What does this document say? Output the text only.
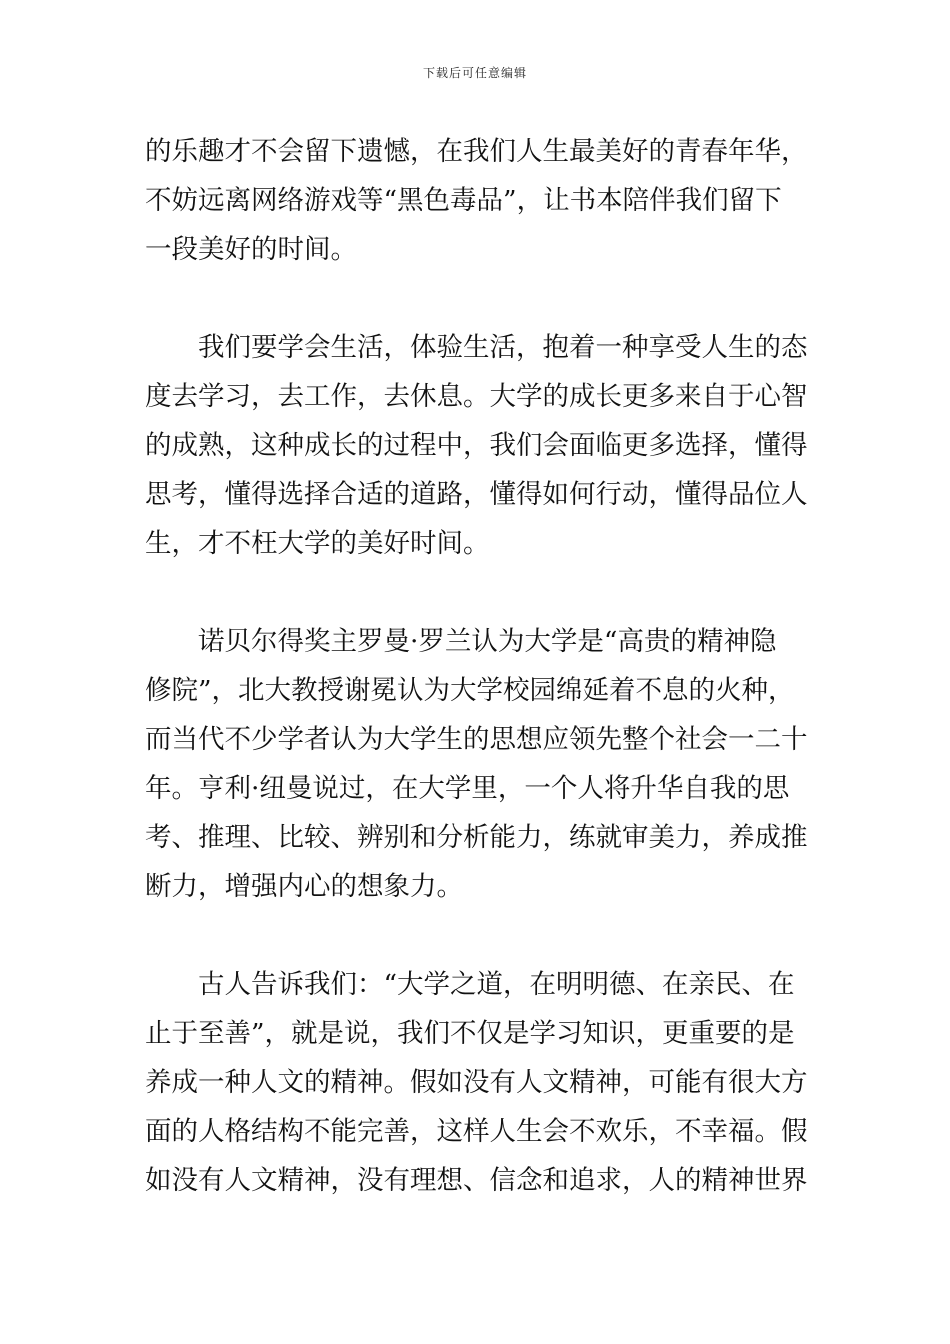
下载后可任意编辑
的乐趣才不会留下遗憾，在我们人生最美好的青春年华，
不妨远离网络游戏等“黑色毒品”，让书本陪伴我们留下
一段美好的时间。
我们要学会生活，体验生活，抱着一种享受人生的态
度去学习，去工作，去休息。大学的成长更多来自于心智
的成熟，这种成长的过程中，我们会面临更多选择，懂得
思考，懂得选择合适的道路，懂得如何行动，懂得品位人
生，才不枉大学的美好时间。
诺贝尔得奖主罗曼·罗兰认为大学是“高贵的精神隐
修院”，北大教授谢冕认为大学校园绵延着不息的火种，
而当代不少学者认为大学生的思想应领先整个社会一二十
年。亨利·纽曼说过，在大学里，一个人将升华自我的思
考、推理、比较、辨别和分析能力，练就审美力，养成推
断力，增强内心的想象力。
古人告诉我们：“大学之道，在明明德、在亲民、在
止于至善”，就是说，我们不仅是学习知识，更重要的是
养成一种人文的精神。假如没有人文精神，可能有很大方
面的人格结构不能完善，这样人生会不欢乐，不幸福。假
如没有人文精神，没有理想、信念和追求，人的精神世界
